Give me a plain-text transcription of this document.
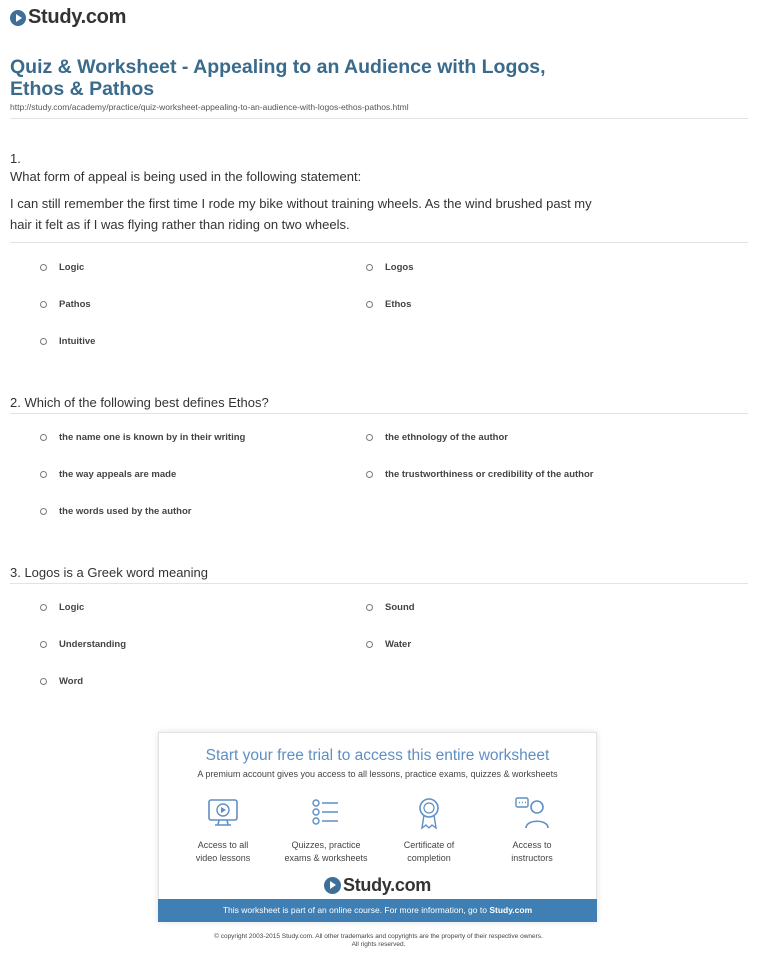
Study.com
Quiz & Worksheet - Appealing to an Audience with Logos,
Ethos & Pathos
http://study.com/academy/practice/quiz-worksheet-appealing-to-an-audience-with-logos-ethos-pathos.html
1.
What form of appeal is being used in the following statement:
I can still remember the first time I rode my bike without training wheels. As the wind brushed past my
hair it felt as if I was flying rather than riding on two wheels.
Logic	Logos
Pathos	Ethos
Intuitive
2. Which of the following best defines Ethos?
the name one is known by in their writing	the ethnology of the author
the way appeals are made	the trustworthiness or credibility of the author
the words used by the author
3. Logos is a Greek word meaning
Logic	Sound
Understanding	Water
Word
Start your free trial to access this entire worksheet
A premium account gives you access to all lessons, practice exams, quizzes & worksheets
Access to all
video lessons
Quizzes, practice
exams & worksheets
Certificate of
completion
Access to
instructors
Study.com
This worksheet is part of an online course. For more information, go to Study.com
© copyright 2003-2015 Study.com. All other trademarks and copyrights are the property of their respective owners.
All rights reserved.
